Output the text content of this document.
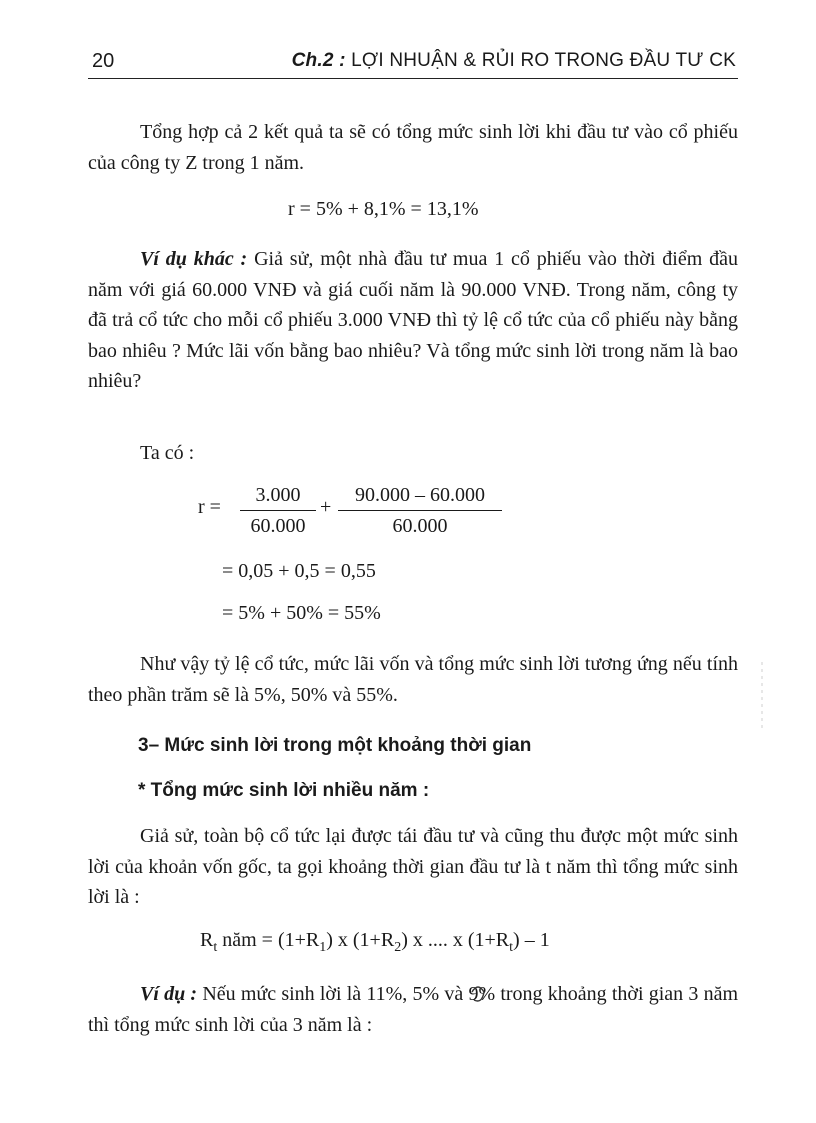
20	Ch.2 : LỢI NHUẬN & RỦI RO TRONG ĐẦU TƯ CK
Tổng hợp cả 2 kết quả ta sẽ có tổng mức sinh lời khi đầu tư vào cổ phiếu của công ty Z trong 1 năm.
r = 5% + 8,1% = 13,1%
Ví dụ khác : Giả sử, một nhà đầu tư mua 1 cổ phiếu vào thời điểm đầu năm với giá 60.000 VNĐ và giá cuối năm là 90.000 VNĐ. Trong năm, công ty đã trả cổ tức cho mỗi cổ phiếu 3.000 VNĐ thì tỷ lệ cổ tức của cổ phiếu này bằng bao nhiêu ? Mức lãi vốn bằng bao nhiêu? Và tổng mức sinh lời trong năm là bao nhiêu?
Ta có :
$r = \frac{3.000}{60.000} + \frac{90.000 - 60.000}{60.000}$
= 0,05 + 0,5 = 0,55
= 5% + 50% = 55%
Như vậy tỷ lệ cổ tức, mức lãi vốn và tổng mức sinh lời tương ứng nếu tính theo phần trăm sẽ là 5%, 50% và 55%.
3– Mức sinh lời trong một khoảng thời gian
* Tổng mức sinh lời nhiều năm :
Giả sử, toàn bộ cổ tức lại được tái đầu tư và cũng thu được một mức sinh lời của khoản vốn gốc, ta gọi khoảng thời gian đầu tư là t năm thì tổng mức sinh lời là :
$R_t$ năm = $(1+R_1)$ x $(1+R_2)$ x .... x $(1+R_t) - 1$
Ví dụ : Nếu mức sinh lời là 11%, 5% và 9% trong khoảng thời gian 3 năm thì tổng mức sinh lời của 3 năm là :
